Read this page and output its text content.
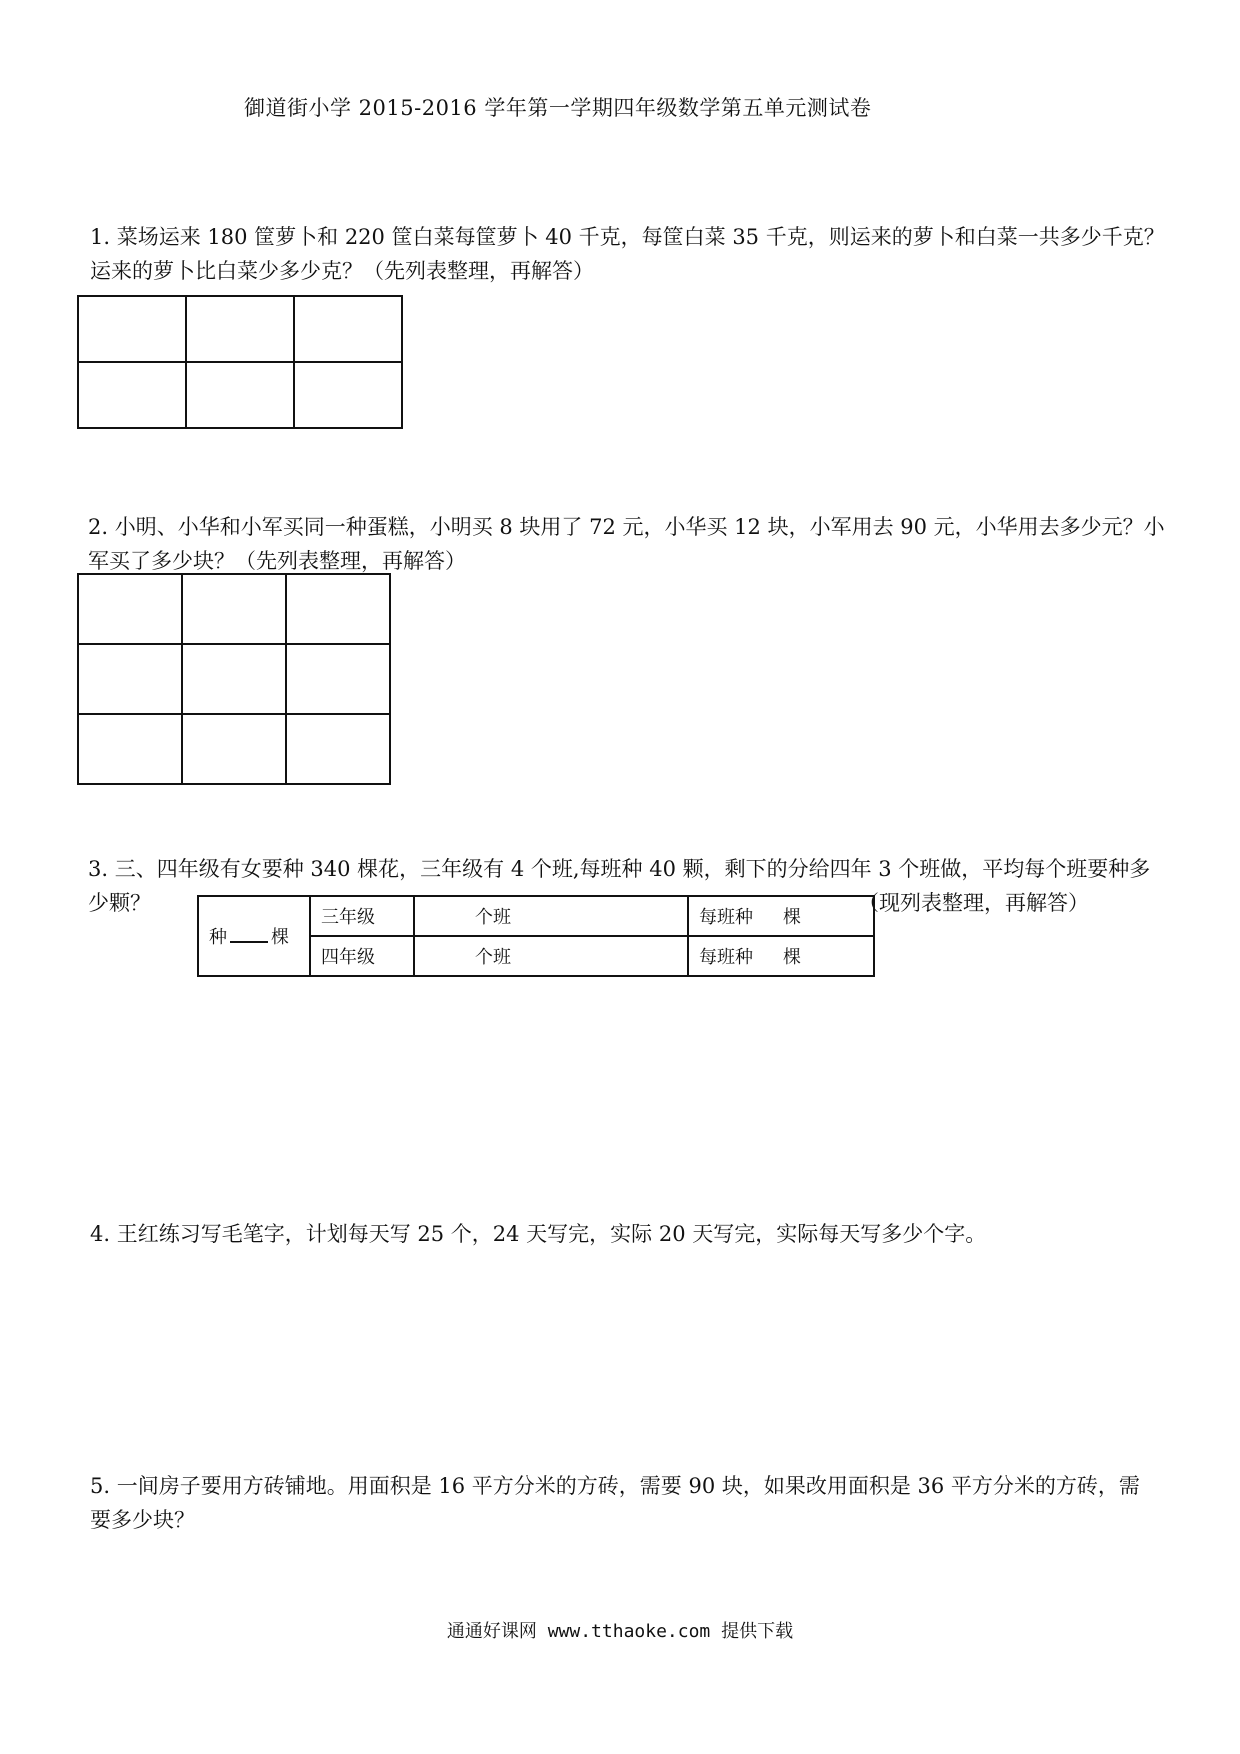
御道街小学 2015-2016 学年第一学期四年级数学第五单元测试卷
1. 菜场运来 180 筐萝卜和 220 筐白菜每筐萝卜 40 千克，每筐白菜 35 千克，则运来的萝卜和白菜一共多少千克？
运来的萝卜比白菜少多少克？（先列表整理，再解答）

2. 小明、小华和小军买同一种蛋糕，小明买 8 块用了 72 元，小华买 12 块，小军用去 90 元，小华用去多少元？小
军买了多少块？（先列表整理，再解答）

3. 三、四年级有女要种 340 棵花，三年级有 4 个班,每班种 40 颗，剩下的分给四年 3 个班做，平均每个班要种多
少颗？	（现列表整理，再解答）
种 棵	三年级	个班	每班种 棵
	四年级	个班	每班种 棵
4. 王红练习写毛笔字，计划每天写 25 个，24 天写完，实际 20 天写完，实际每天写多少个字。
5. 一间房子要用方砖铺地。用面积是 16 平方分米的方砖，需要 90 块，如果改用面积是 36 平方分米的方砖，需
要多少块？
通通好课网 www.tthaoke.com 提供下载
